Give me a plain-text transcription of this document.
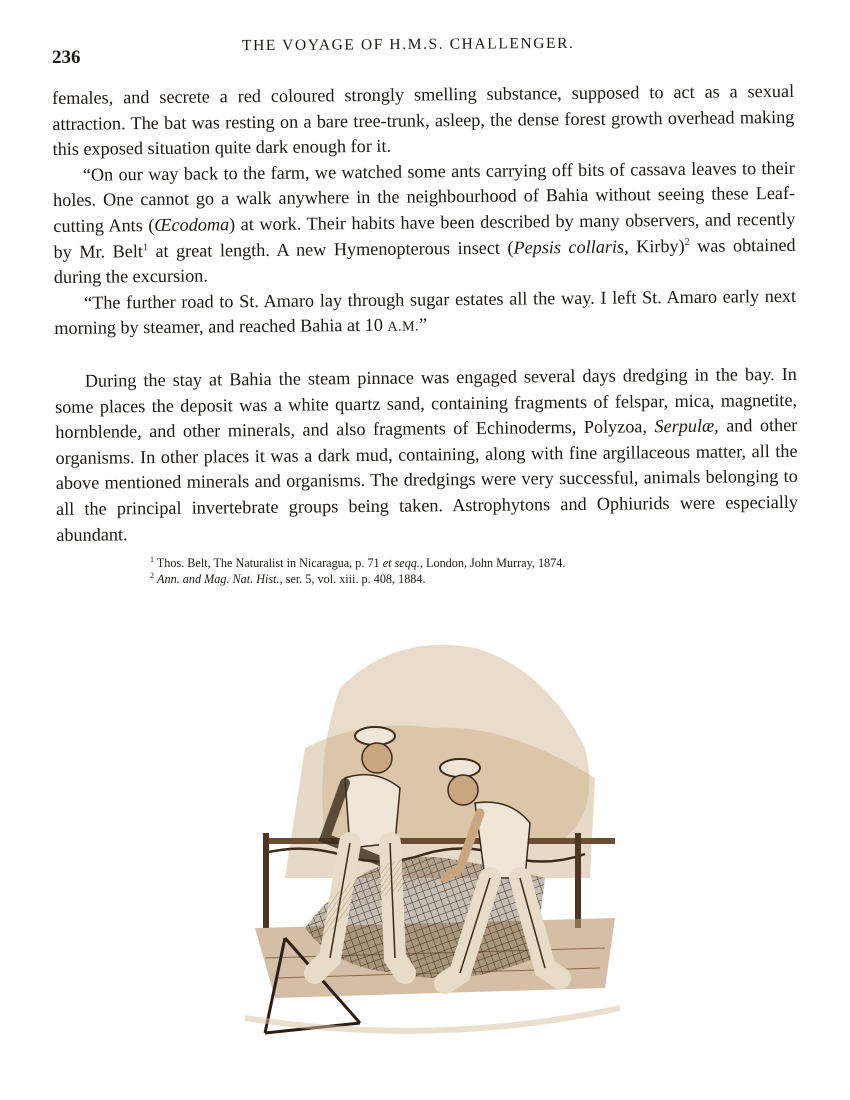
236
THE VOYAGE OF H.M.S. CHALLENGER.

females, and secrete a red coloured strongly smelling substance, supposed to act as a sexual attraction. The bat was resting on a bare tree-trunk, asleep, the dense forest growth overhead making this exposed situation quite dark enough for it.

“On our way back to the farm, we watched some ants carrying off bits of cassava leaves to their holes. One cannot go a walk anywhere in the neighbourhood of Bahia without seeing these Leaf-cutting Ants (Œcodoma) at work. Their habits have been described by many observers, and recently by Mr. Belt$^1$ at great length. A new Hymenopterous insect (Pepsis collaris, Kirby)$^2$ was obtained during the excursion.

“The further road to St. Amaro lay through sugar estates all the way. I left St. Amaro early next morning by steamer, and reached Bahia at 10 A.M.”

During the stay at Bahia the steam pinnace was engaged several days dredging in the bay. In some places the deposit was a white quartz sand, containing fragments of felspar, mica, magnetite, hornblende, and other minerals, and also fragments of Echinoderms, Polyzoa, Serpulæ, and other organisms. In other places it was a dark mud, containing, along with fine argillaceous matter, all the above mentioned minerals and organisms. The dredgings were very successful, animals belonging to all the principal invertebrate groups being taken. Astrophytons and Ophiurids were especially abundant.

$^1$ Thos. Belt, The Naturalist in Nicaragua, p. 71 et seqq., London, John Murray, 1874.

$^2$ Ann. and Mag. Nat. Hist., ser. 5, vol. xiii. p. 408, 1884.
